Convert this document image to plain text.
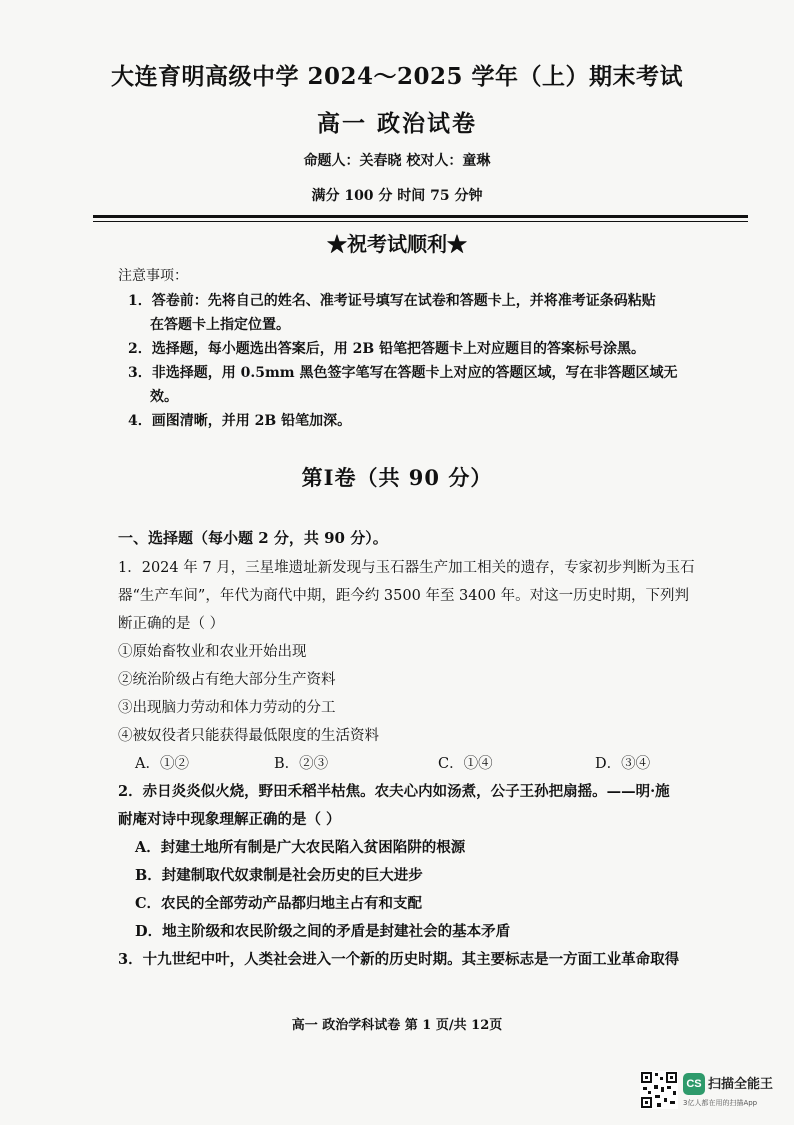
大连育明高级中学 2024～2025 学年（上）期末考试
高一 政治试卷
命题人：关春晓 校对人：童琳
满分 100 分 时间 75 分钟
★祝考试顺利★
注意事项：
1．答卷前：先将自己的姓名、准考证号填写在试卷和答题卡上，并将准考证条码粘贴
在答题卡上指定位置。
2．选择题，每小题选出答案后，用 2B 铅笔把答题卡上对应题目的答案标号涂黑。
3．非选择题，用 0.5mm 黑色签字笔写在答题卡上对应的答题区域，写在非答题区域无
效。
4．画图清晰，并用 2B 铅笔加深。
第Ⅰ卷（共 90 分）
一、选择题（每小题 2 分，共 90 分）。
1．2024 年 7 月，三星堆遗址新发现与玉石器生产加工相关的遗存，专家初步判断为玉石
器“生产车间”，年代为商代中期，距今约 3500 年至 3400 年。对这一历史时期，下列判
断正确的是（ ）
①原始畜牧业和农业开始出现
②统治阶级占有绝大部分生产资料
③出现脑力劳动和体力劳动的分工
④被奴役者只能获得最低限度的生活资料
A．①②	B．②③	C．①④	D．③④
2．赤日炎炎似火烧，野田禾稻半枯焦。农夫心内如汤煮，公子王孙把扇摇。——明·施
耐庵对诗中现象理解正确的是（ ）
A．封建土地所有制是广大农民陷入贫困陷阱的根源
B．封建制取代奴隶制是社会历史的巨大进步
C．农民的全部劳动产品都归地主占有和支配
D．地主阶级和农民阶级之间的矛盾是封建社会的基本矛盾
3．十九世纪中叶，人类社会进入一个新的历史时期。其主要标志是一方面工业革命取得
高一 政治学科试卷 第 1 页/共 12页
CS 扫描全能王
3亿人都在用的扫描App
